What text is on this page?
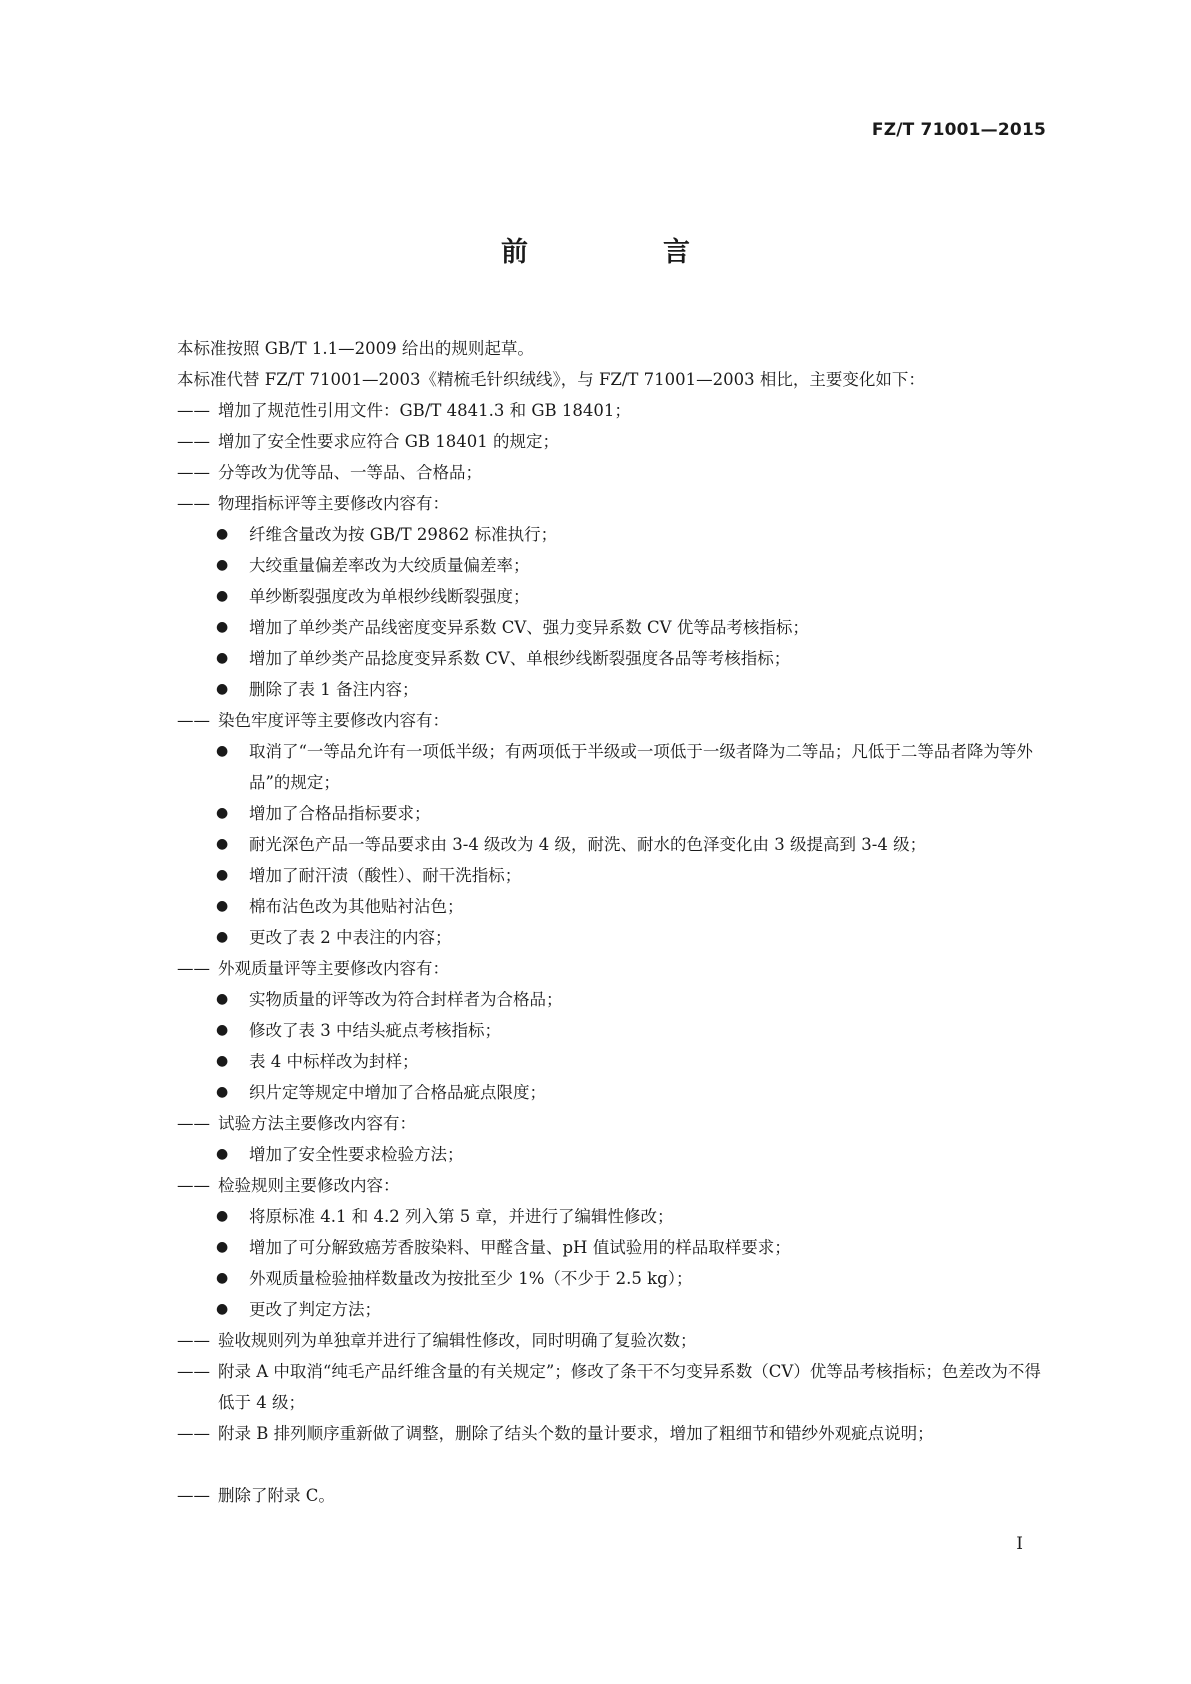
FZ/T 71001—2015
前　言
本标准按照 GB/T 1.1—2009 给出的规则起草。
本标准代替 FZ/T 71001—2003《精梳毛针织绒线》，与 FZ/T 71001—2003 相比，主要变化如下：
—— 增加了规范性引用文件：GB/T 4841.3 和 GB 18401；
—— 增加了安全性要求应符合 GB 18401 的规定；
—— 分等改为优等品、一等品、合格品；
—— 物理指标评等主要修改内容有：
●	纤维含量改为按 GB/T 29862 标准执行；
●	大绞重量偏差率改为大绞质量偏差率；
●	单纱断裂强度改为单根纱线断裂强度；
●	增加了单纱类产品线密度变异系数 CV、强力变异系数 CV 优等品考核指标；
●	增加了单纱类产品捻度变异系数 CV、单根纱线断裂强度各品等考核指标；
●	删除了表 1 备注内容；
—— 染色牢度评等主要修改内容有：
●	取消了“一等品允许有一项低半级；有两项低于半级或一项低于一级者降为二等品；凡低于二等品者降为等外品”的规定；
●	增加了合格品指标要求；
●	耐光深色产品一等品要求由 3-4 级改为 4 级，耐洗、耐水的色泽变化由 3 级提高到 3-4 级；
●	增加了耐汗渍（酸性）、耐干洗指标；
●	棉布沾色改为其他贴衬沾色；
●	更改了表 2 中表注的内容；
—— 外观质量评等主要修改内容有：
●	实物质量的评等改为符合封样者为合格品；
●	修改了表 3 中结头疵点考核指标；
●	表 4 中标样改为封样；
●	织片定等规定中增加了合格品疵点限度；
—— 试验方法主要修改内容有：
●	增加了安全性要求检验方法；
—— 检验规则主要修改内容：
●	将原标准 4.1 和 4.2 列入第 5 章，并进行了编辑性修改；
●	增加了可分解致癌芳香胺染料、甲醛含量、pH 值试验用的样品取样要求；
●	外观质量检验抽样数量改为按批至少 1%（不少于 2.5 kg）；
●	更改了判定方法；
—— 验收规则列为单独章并进行了编辑性修改，同时明确了复验次数；
—— 附录 A 中取消“纯毛产品纤维含量的有关规定”；修改了条干不匀变异系数（CV）优等品考核指标；色差改为不得低于 4 级；
—— 附录 B 排列顺序重新做了调整，删除了结头个数的量计要求，增加了粗细节和错纱外观疵点说明；
—— 删除了附录 C。
I
